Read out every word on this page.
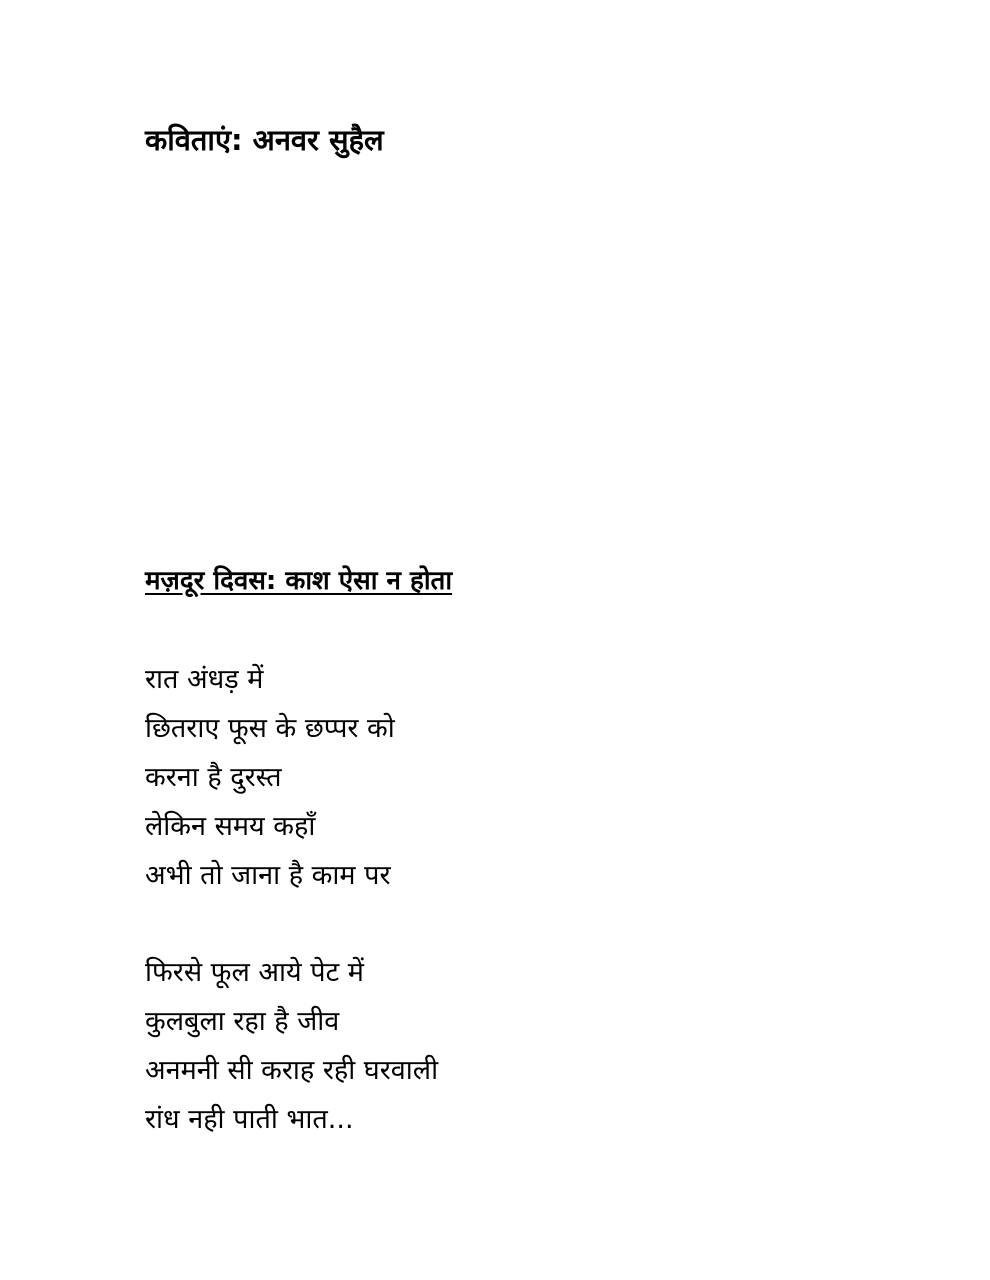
कविताएं: अनवर सुहैल
मज़दूर दिवस: काश ऐसा न होता
रात अंधड़ में
छितराए फूस के छप्पर को
करना है दुरस्त
लेकिन समय कहाँ
अभी तो जाना है काम पर
फिरसे फूल आये पेट में
कुलबुला रहा है जीव
अनमनी सी कराह रही घरवाली
रांध नही पाती भात...
